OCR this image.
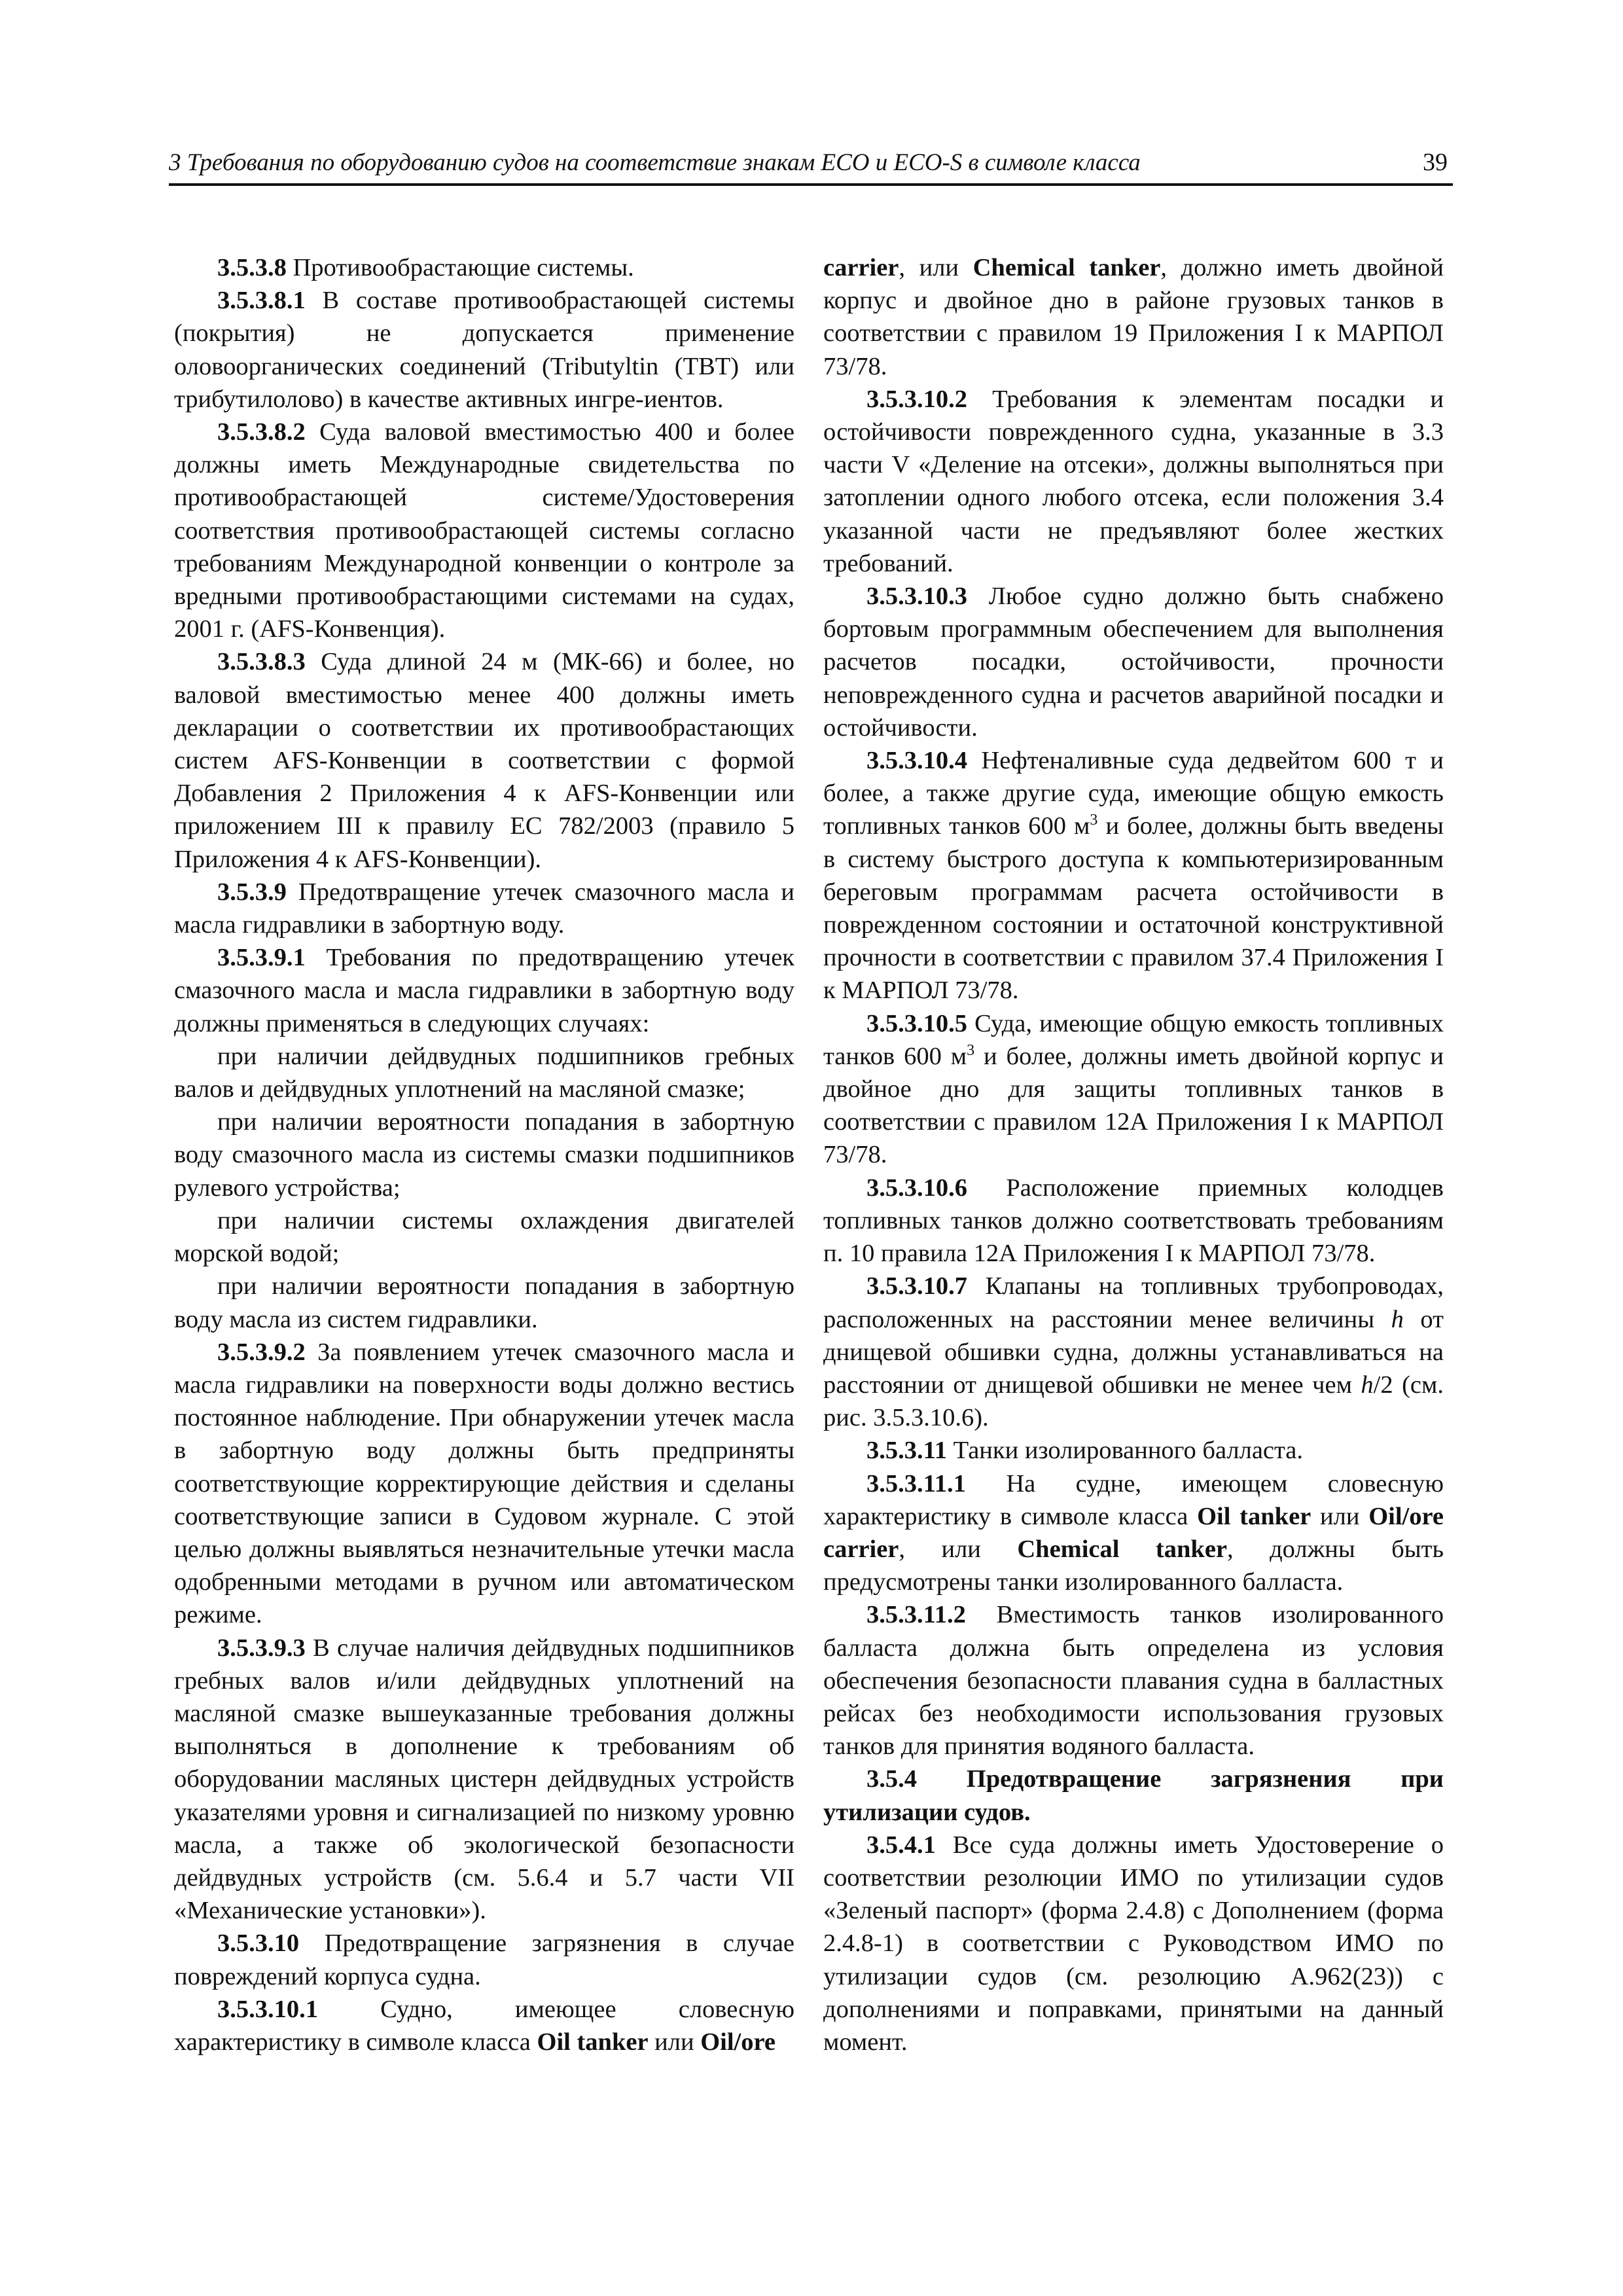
3 Требования по оборудованию судов на соответствие знакам ECO и ECO-S в символе класса	39

3.5.3.8 Противообрастающие системы.

3.5.3.8.1 В составе противообрастающей системы (покрытия) не допускается применение оловоорганических соединений (Tributyltin (TBT) или трибутилолово) в качестве активных ингре-иентов.

3.5.3.8.2 Суда валовой вместимостью 400 и более должны иметь Международные свидетельства по противообрастающей системе/Удостоверения соответствия противообрастающей системы согласно требованиям Международной конвенции о контроле за вредными противообрастающими системами на судах, 2001 г. (AFS-Конвенция).

3.5.3.8.3 Суда длиной 24 м (МК-66) и более, но валовой вместимостью менее 400 должны иметь декларации о соответствии их противообрастающих систем AFS-Конвенции в соответствии с формой Добавления 2 Приложения 4 к AFS-Конвенции или приложением III к правилу ЕС 782/2003 (правило 5 Приложения 4 к AFS-Конвенции).

3.5.3.9 Предотвращение утечек смазочного масла и масла гидравлики в забортную воду.

3.5.3.9.1 Требования по предотвращению утечек смазочного масла и масла гидравлики в забортную воду должны применяться в следующих случаях:

при наличии дейдвудных подшипников гребных валов и дейдвудных уплотнений на масляной смазке;

при наличии вероятности попадания в забортную воду смазочного масла из системы смазки подшипников рулевого устройства;

при наличии системы охлаждения двигателей морской водой;

при наличии вероятности попадания в забортную воду масла из систем гидравлики.

3.5.3.9.2 За появлением утечек смазочного масла и масла гидравлики на поверхности воды должно вестись постоянное наблюдение. При обнаружении утечек масла в забортную воду должны быть предприняты соответствующие корректирующие действия и сделаны соответствующие записи в Судовом журнале. С этой целью должны выявляться незначительные утечки масла одобренными методами в ручном или автоматическом режиме.

3.5.3.9.3 В случае наличия дейдвудных подшипников гребных валов и/или дейдвудных уплотнений на масляной смазке вышеуказанные требования должны выполняться в дополнение к требованиям об оборудовании масляных цистерн дейдвудных устройств указателями уровня и сигнализацией по низкому уровню масла, а также об экологической безопасности дейдвудных устройств (см. 5.6.4 и 5.7 части VII «Механические установки»).

3.5.3.10 Предотвращение загрязнения в случае повреждений корпуса судна.

3.5.3.10.1 Судно, имеющее словесную характеристику в символе класса Oil tanker или Oil/ore

carrier, или Chemical tanker, должно иметь двойной корпус и двойное дно в районе грузовых танков в соответствии с правилом 19 Приложения I к МАРПОЛ 73/78.

3.5.3.10.2 Требования к элементам посадки и остойчивости поврежденного судна, указанные в 3.3 части V «Деление на отсеки», должны выполняться при затоплении одного любого отсека, если положения 3.4 указанной части не предъявляют более жестких требований.

3.5.3.10.3 Любое судно должно быть снабжено бортовым программным обеспечением для выполнения расчетов посадки, остойчивости, прочности неповрежденного судна и расчетов аварийной посадки и остойчивости.

3.5.3.10.4 Нефтеналивные суда дедвейтом 600 т и более, а также другие суда, имеющие общую емкость топливных танков 600 $м^3$ и более, должны быть введены в систему быстрого доступа к компьютеризированным береговым программам расчета остойчивости в поврежденном состоянии и остаточной конструктивной прочности в соответствии с правилом 37.4 Приложения I к МАРПОЛ 73/78.

3.5.3.10.5 Суда, имеющие общую емкость топливных танков 600 $м^3$ и более, должны иметь двойной корпус и двойное дно для защиты топливных танков в соответствии с правилом 12А Приложения I к МАРПОЛ 73/78.

3.5.3.10.6 Расположение приемных колодцев топливных танков должно соответствовать требованиям п. 10 правила 12А Приложения I к МАРПОЛ 73/78.

3.5.3.10.7 Клапаны на топливных трубопроводах, расположенных на расстоянии менее величины h от днищевой обшивки судна, должны устанавливаться на расстоянии от днищевой обшивки не менее чем h/2 (см. рис. 3.5.3.10.6).

3.5.3.11 Танки изолированного балласта.

3.5.3.11.1 На судне, имеющем словесную характеристику в символе класса Oil tanker или Oil/ore carrier, или Chemical tanker, должны быть предусмотрены танки изолированного балласта.

3.5.3.11.2 Вместимость танков изолированного балласта должна быть определена из условия обеспечения безопасности плавания судна в балластных рейсах без необходимости использования грузовых танков для принятия водяного балласта.

3.5.4 Предотвращение загрязнения при утилизации судов.

3.5.4.1 Все суда должны иметь Удостоверение о соответствии резолюции ИМО по утилизации судов «Зеленый паспорт» (форма 2.4.8) с Дополнением (форма 2.4.8-1) в соответствии с Руководством ИМО по утилизации судов (см. резолюцию A.962(23)) с дополнениями и поправками, принятыми на данный момент.
